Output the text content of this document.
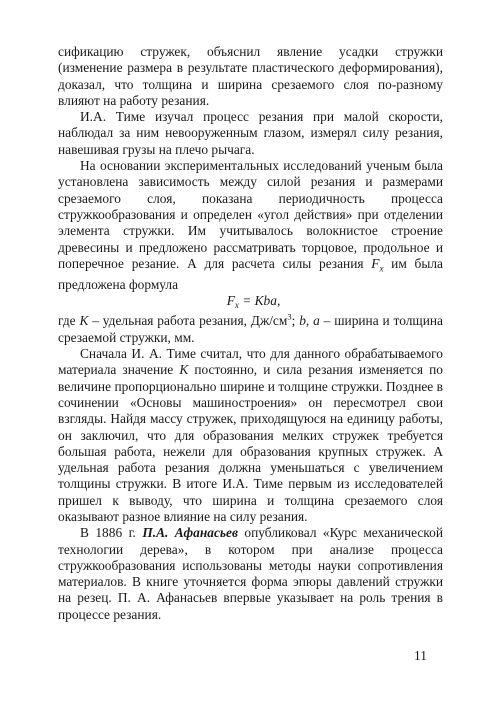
сификацию стружек, объяснил явление усадки стружки (изменение размера в результате пластического деформирования), доказал, что толщина и ширина срезаемого слоя по-разному влияют на работу резания.

И.А. Тиме изучал процесс резания при малой скорости, наблюдал за ним невооруженным глазом, измерял силу резания, навешивая грузы на плечо рычага.

На основании экспериментальных исследований ученым была установлена зависимость между силой резания и размерами срезаемого слоя, показана периодичность процесса стружкообразования и определен «угол действия» при отделении элемента стружки. Им учитывалось волокнистое строение древесины и предложено рассматривать торцовое, продольное и поперечное резание. А для расчета силы резания $F_x$ им была предложена формула

$F_x$ = Kba,

где K – удельная работа резания, $Дж/см^3$; b, a – ширина и толщина срезаемой стружки, мм.

Сначала И. А. Тиме считал, что для данного обрабатываемого материала значение K постоянно, и сила резания изменяется по величине пропорционально ширине и толщине стружки. Позднее в сочинении «Основы машиностроения» он пересмотрел свои взгляды. Найдя массу стружек, приходящуюся на единицу работы, он заключил, что для образования мелких стружек требуется большая работа, нежели для образования крупных стружек. А удельная работа резания должна уменьшаться с увеличением толщины стружки. В итоге И.А. Тиме первым из исследователей пришел к выводу, что ширина и толщина срезаемого слоя оказывают разное влияние на силу резания.

В 1886 г. П.А. Афанасьев опубликовал «Курс механической технологии дерева», в котором при анализе процесса стружкообразования использованы методы науки сопротивления материалов. В книге уточняется форма эпюры давлений стружки на резец. П. А. Афанасьев впервые указывает на роль трения в процессе резания.

11
